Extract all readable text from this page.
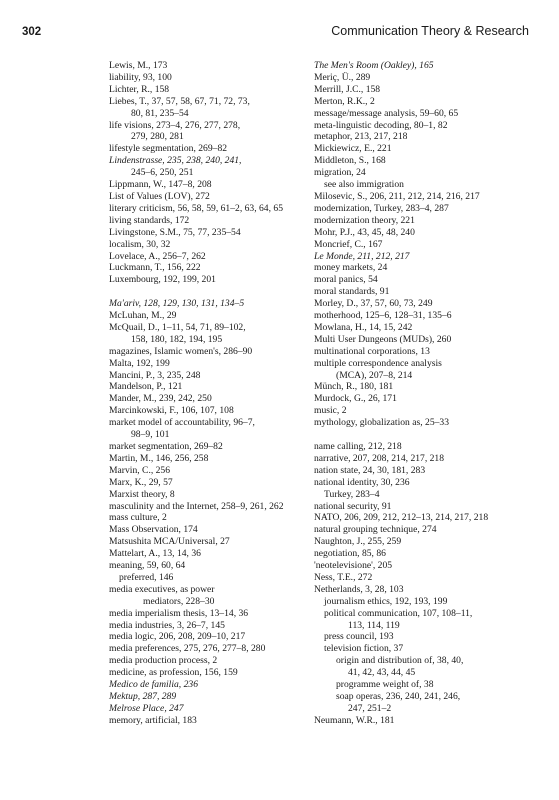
302	Communication Theory & Research
Lewis, M., 173
liability, 93, 100
Lichter, R., 158
Liebes, T., 37, 57, 58, 67, 71, 72, 73,
80, 81, 235–54
life visions, 273–4, 276, 277, 278,
279, 280, 281
lifestyle segmentation, 269–82
Lindenstrasse, 235, 238, 240, 241,
245–6, 250, 251
Lippmann, W., 147–8, 208
List of Values (LOV), 272
literary criticism, 56, 58, 59, 61–2, 63, 64, 65
living standards, 172
Livingstone, S.M., 75, 77, 235–54
localism, 30, 32
Lovelace, A., 256–7, 262
Luckmann, T., 156, 222
Luxembourg, 192, 199, 201
Ma'ariv, 128, 129, 130, 131, 134–5
McLuhan, M., 29
McQuail, D., 1–11, 54, 71, 89–102,
158, 180, 182, 194, 195
magazines, Islamic women's, 286–90
Malta, 192, 199
Mancini, P., 3, 235, 248
Mandelson, P., 121
Mander, M., 239, 242, 250
Marcinkowski, F., 106, 107, 108
market model of accountability, 96–7,
98–9, 101
market segmentation, 269–82
Martin, M., 146, 256, 258
Marvin, C., 256
Marx, K., 29, 57
Marxist theory, 8
masculinity and the Internet, 258–9, 261, 262
mass culture, 2
Mass Observation, 174
Matsushita MCA/Universal, 27
Mattelart, A., 13, 14, 36
meaning, 59, 60, 64
preferred, 146
media executives, as power
mediators, 228–30
media imperialism thesis, 13–14, 36
media industries, 3, 26–7, 145
media logic, 206, 208, 209–10, 217
media preferences, 275, 276, 277–8, 280
media production process, 2
medicine, as profession, 156, 159
Medico de familia, 236
Mektup, 287, 289
Melrose Place, 247
memory, artificial, 183
The Men's Room (Oakley), 165
Meriç, Ü., 289
Merrill, J.C., 158
Merton, R.K., 2
message/message analysis, 59–60, 65
meta-linguistic decoding, 80–1, 82
metaphor, 213, 217, 218
Mickiewicz, E., 221
Middleton, S., 168
migration, 24
see also immigration
Milosevic, S., 206, 211, 212, 214, 216, 217
modernization, Turkey, 283–4, 287
modernization theory, 221
Mohr, P.J., 43, 45, 48, 240
Moncrief, C., 167
Le Monde, 211, 212, 217
money markets, 24
moral panics, 54
moral standards, 91
Morley, D., 37, 57, 60, 73, 249
motherhood, 125–6, 128–31, 135–6
Mowlana, H., 14, 15, 242
Multi User Dungeons (MUDs), 260
multinational corporations, 13
multiple correspondence analysis
(MCA), 207–8, 214
Münch, R., 180, 181
Murdock, G., 26, 171
music, 2
mythology, globalization as, 25–33
name calling, 212, 218
narrative, 207, 208, 214, 217, 218
nation state, 24, 30, 181, 283
national identity, 30, 236
Turkey, 283–4
national security, 91
NATO, 206, 209, 212, 212–13, 214, 217, 218
natural grouping technique, 274
Naughton, J., 255, 259
negotiation, 85, 86
'neotelevisione', 205
Ness, T.E., 272
Netherlands, 3, 28, 103
journalism ethics, 192, 193, 199
political communication, 107, 108–11,
113, 114, 119
press council, 193
television fiction, 37
origin and distribution of, 38, 40,
41, 42, 43, 44, 45
programme weight of, 38
soap operas, 236, 240, 241, 246,
247, 251–2
Neumann, W.R., 181
